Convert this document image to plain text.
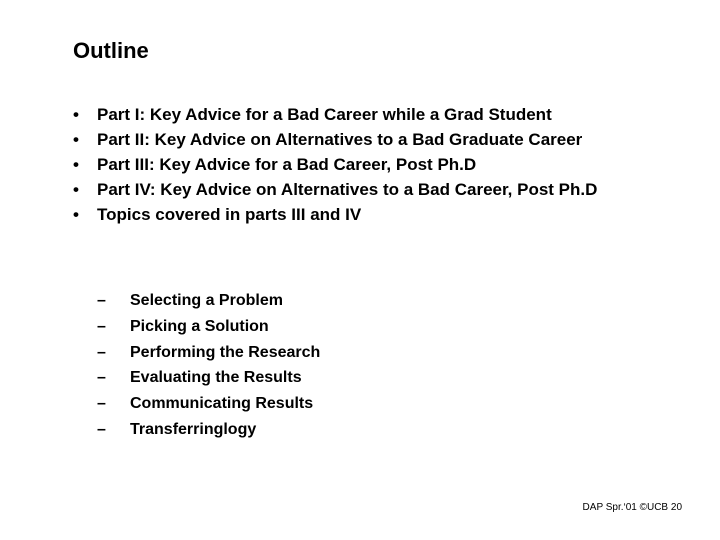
Outline
•	Part I: Key Advice for a Bad Career while a Grad Student
•	Part II: Key Advice on Alternatives to a Bad Graduate Career
•	Part III: Key Advice for a Bad Career, Post Ph.D
•	Part IV: Key Advice on Alternatives to a Bad Career, Post Ph.D
•	Topics covered in parts III and IV
–	Selecting a Problem
–	Picking a Solution
–	Performing the Research
–	Evaluating the Results
–	Communicating Results
–	Transferringlogy
DAP Spr.‘01 ©UCB 20
